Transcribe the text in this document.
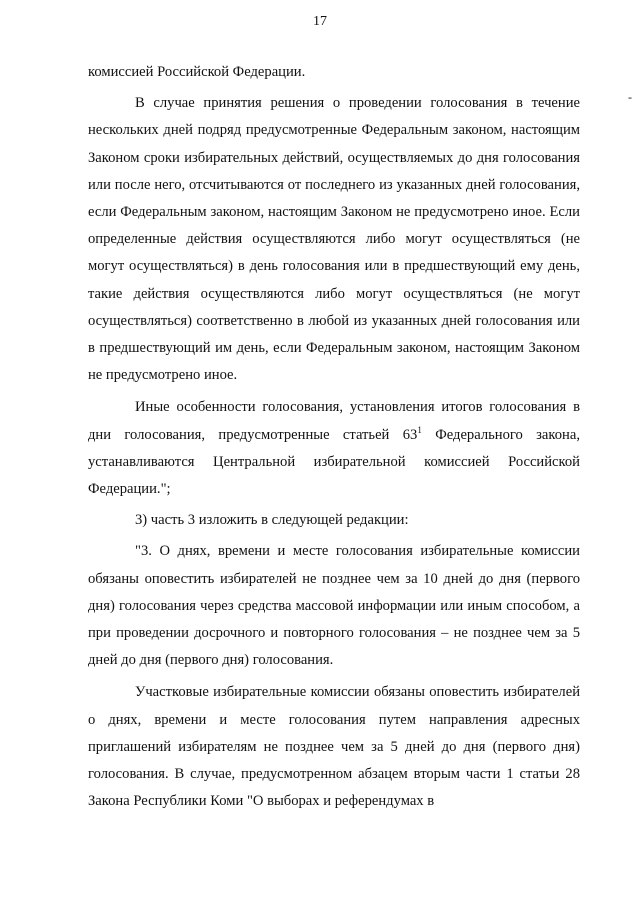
17
-

комиссией Российской Федерации.

В случае принятия решения о проведении голосования в течение нескольких дней подряд предусмотренные Федеральным законом, настоящим Законом сроки избирательных действий, осуществляемых до дня голосования или после него, отсчитываются от последнего из указанных дней голосования, если Федеральным законом, настоящим Законом не предусмотрено иное. Если определенные действия осуществляются либо могут осуществляться (не могут осуществляться) в день голосования или в предшествующий ему день, такие действия осуществляются либо могут осуществляться (не могут осуществляться) соответственно в любой из указанных дней голосования или в предшествующий им день, если Федеральным законом, настоящим Законом не предусмотрено иное.

Иные особенности голосования, установления итогов голосования в дни голосования, предусмотренные статьей $63^1$ Федерального закона, устанавливаются Центральной избирательной комиссией Российской Федерации.";

3) часть 3 изложить в следующей редакции:

"3. О днях, времени и месте голосования избирательные комиссии обязаны оповестить избирателей не позднее чем за 10 дней до дня (первого дня) голосования через средства массовой информации или иным способом, а при проведении досрочного и повторного голосования – не позднее чем за 5 дней до дня (первого дня) голосования.

Участковые избирательные комиссии обязаны оповестить избирателей о днях, времени и месте голосования путем направления адресных приглашений избирателям не позднее чем за 5 дней до дня (первого дня) голосования. В случае, предусмотренном абзацем вторым части 1 статьи 28 Закона Республики Коми "О выборах и референдумах в
